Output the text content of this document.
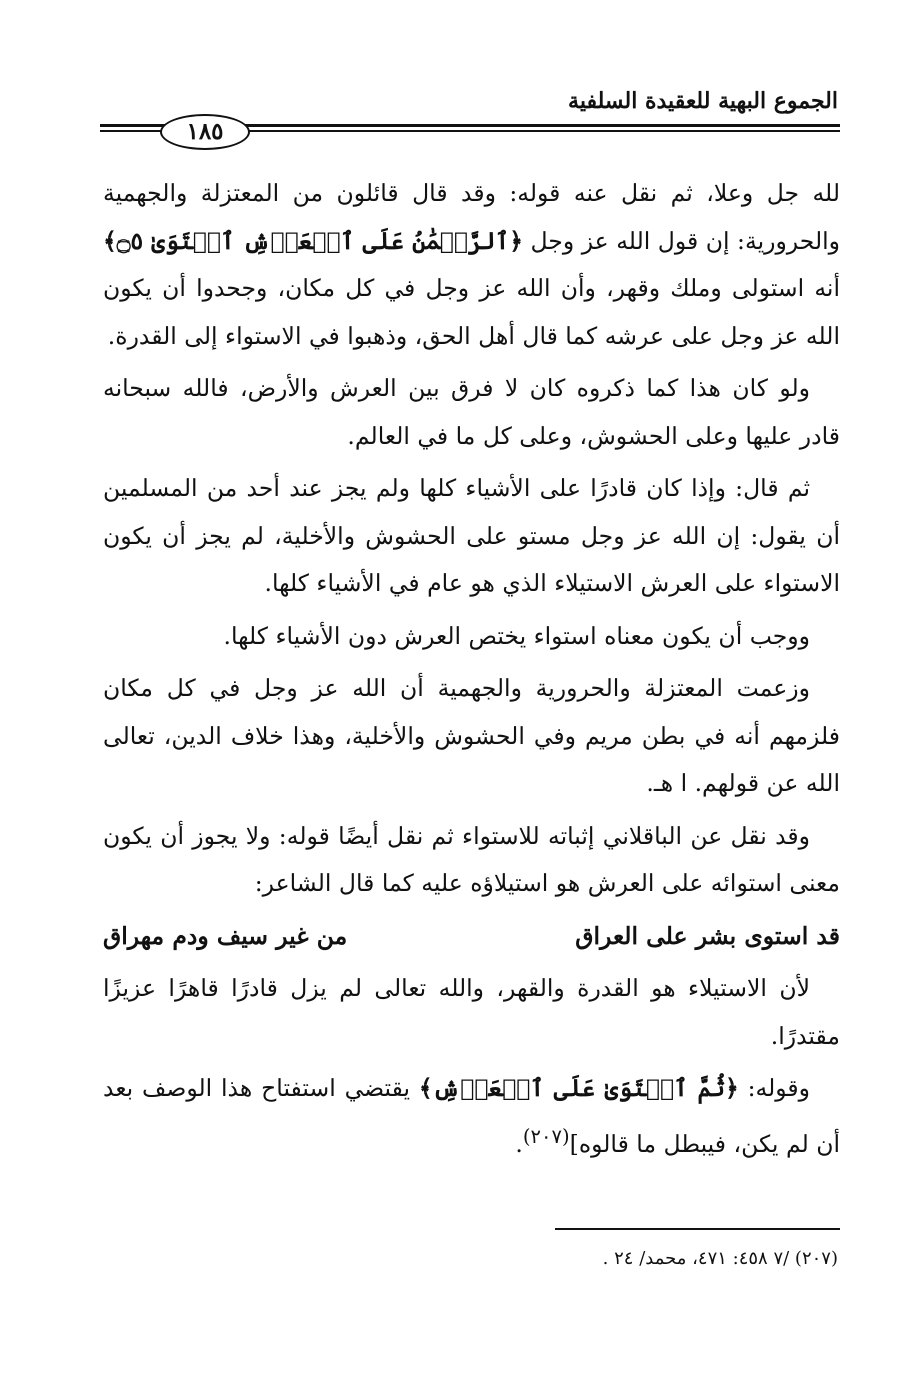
الجموع البهية للعقيدة السلفية
١٨٥

لله جل وعلا، ثم نقل عنه قوله: وقد قال قائلون من المعتزلة والجهمية والحرورية: إن قول الله عز وجل ﴿ٱلرَّحۡمَٰنُ عَلَى ٱلۡعَرۡشِ ٱسۡتَوَىٰ ۝٥﴾ أنه استولى وملك وقهر، وأن الله عز وجل في كل مكان، وجحدوا أن يكون الله عز وجل على عرشه كما قال أهل الحق، وذهبوا في الاستواء إلى القدرة.

ولو كان هذا كما ذكروه كان لا فرق بين العرش والأرض، فالله سبحانه قادر عليها وعلى الحشوش، وعلى كل ما في العالم.

ثم قال: وإذا كان قادرًا على الأشياء كلها ولم يجز عند أحد من المسلمين أن يقول: إن الله عز وجل مستو على الحشوش والأخلية، لم يجز أن يكون الاستواء على العرش الاستيلاء الذي هو عام في الأشياء كلها.

ووجب أن يكون معناه استواء يختص العرش دون الأشياء كلها.

وزعمت المعتزلة والحرورية والجهمية أن الله عز وجل في كل مكان فلزمهم أنه في بطن مريم وفي الحشوش والأخلية، وهذا خلاف الدين، تعالى الله عن قولهم. ا هـ.

وقد نقل عن الباقلاني إثباته للاستواء ثم نقل أيضًا قوله: ولا يجوز أن يكون معنى استوائه على العرش هو استيلاؤه عليه كما قال الشاعر:

قد استوى بشر على العراق
من غير سيف ودم مهراق

لأن الاستيلاء هو القدرة والقهر، والله تعالى لم يزل قادرًا قاهرًا عزيزًا مقتدرًا.

وقوله: ﴿ثُمَّ ٱسۡتَوَىٰ عَلَى ٱلۡعَرۡشِ﴾ يقتضي استفتاح هذا الوصف بعد أن لم يكن، فيبطل ما قالوه]$^{(٢٠٧)}$.

(٢٠٧) /٧ ٤٥٨: ٤٧١، محمد/ ٢٤ .
